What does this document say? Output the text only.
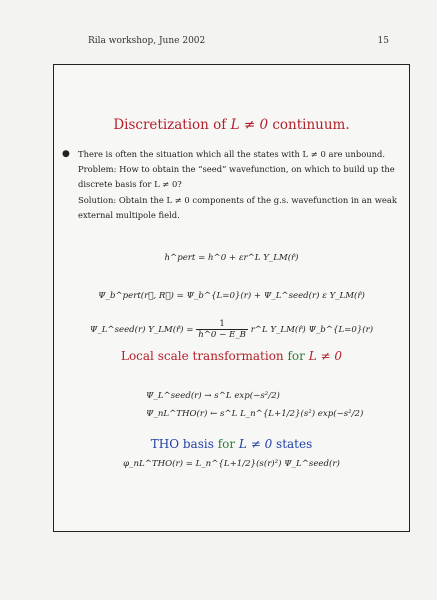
Rila workshop, June 2002	15
Discretization of L ≠ 0 continuum.
● There is often the situation which all the states with L ≠ 0 are unbound.

Problem: How to obtain the “seed” wavefunction, on which to build up the discrete basis for L ≠ 0?

Solution: Obtain the L ≠ 0 components of the g.s. wavefunction in an weak external multipole field.

h^pert = h^0 + εr^L Y_LM(r̂)
Ψ_b^pert(r⃗, R⃗) = Ψ_b^{L=0}(r) + Ψ_L^seed(r) ε Y_LM(r̂)
Ψ_L^seed(r) Y_LM(r̂) = $\frac{1}{h\^{}0 - E\_B}$ r^L Y_LM(r̂) Ψ_b^{L=0}(r)
Local scale transformation for L ≠ 0
Ψ_L^seed(r) → s^L exp(−s²/2)
Ψ_nL^THO(r) ← s^L L_n^{L+1/2}(s²) exp(−s²/2)
THO basis for L ≠ 0 states
φ_nL^THO(r) = L_n^{L+1/2}(s(r)²) Ψ_L^seed(r)
